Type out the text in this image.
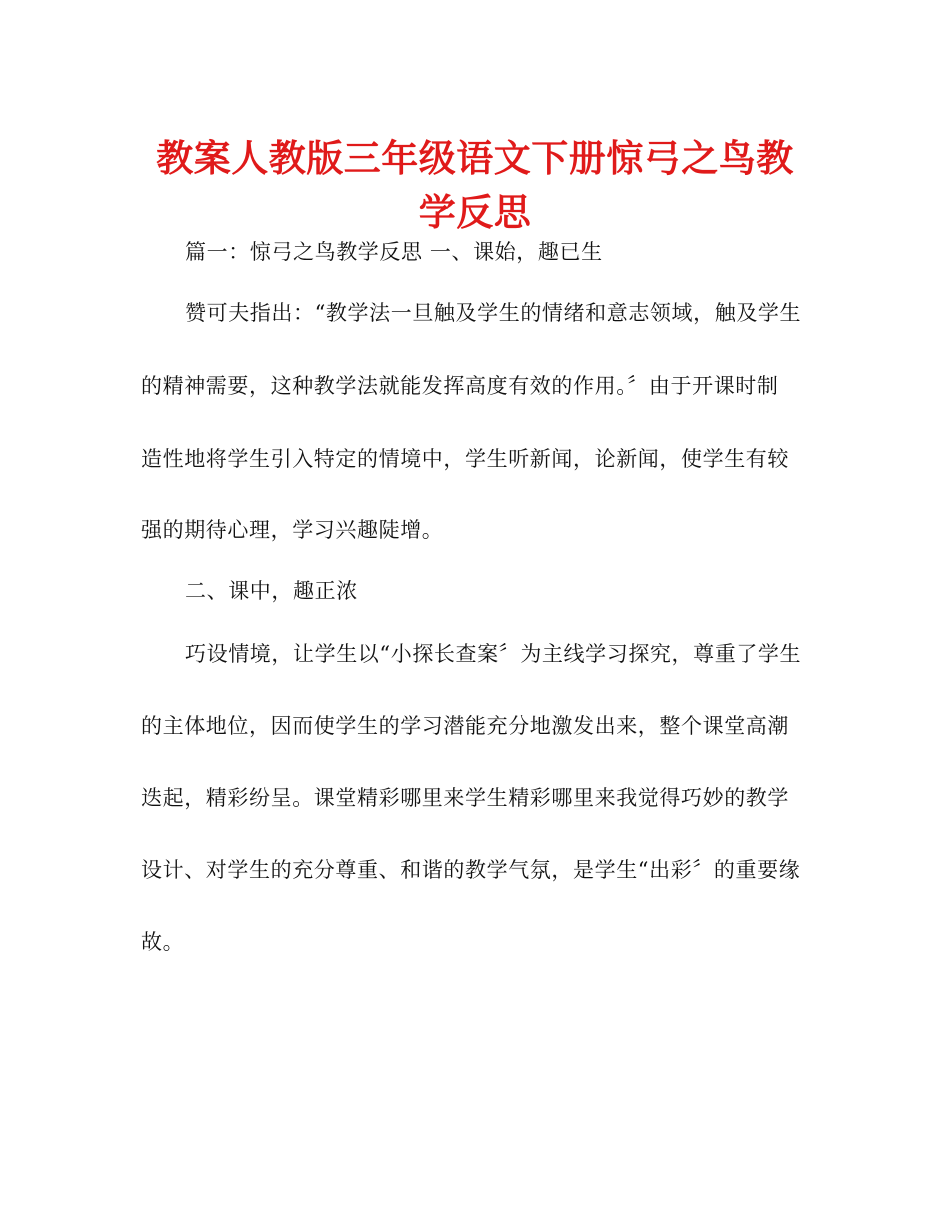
教案人教版三年级语文下册惊弓之鸟教学反思

篇一：惊弓之鸟教学反思 一、课始，趣已生

赞可夫指出：“教学法一旦触及学生的情绪和意志领域，触及学生

的精神需要，这种教学法就能发挥高度有效的作用。〞由于开课时制

造性地将学生引入特定的情境中，学生听新闻，论新闻，使学生有较

强的期待心理，学习兴趣陡增。

二、课中，趣正浓

巧设情境，让学生以“小探长查案〞为主线学习探究，尊重了学生

的主体地位，因而使学生的学习潜能充分地激发出来，整个课堂高潮

迭起，精彩纷呈。课堂精彩哪里来学生精彩哪里来我觉得巧妙的教学

设计、对学生的充分尊重、和谐的教学气氛，是学生“出彩〞的重要缘

故。
